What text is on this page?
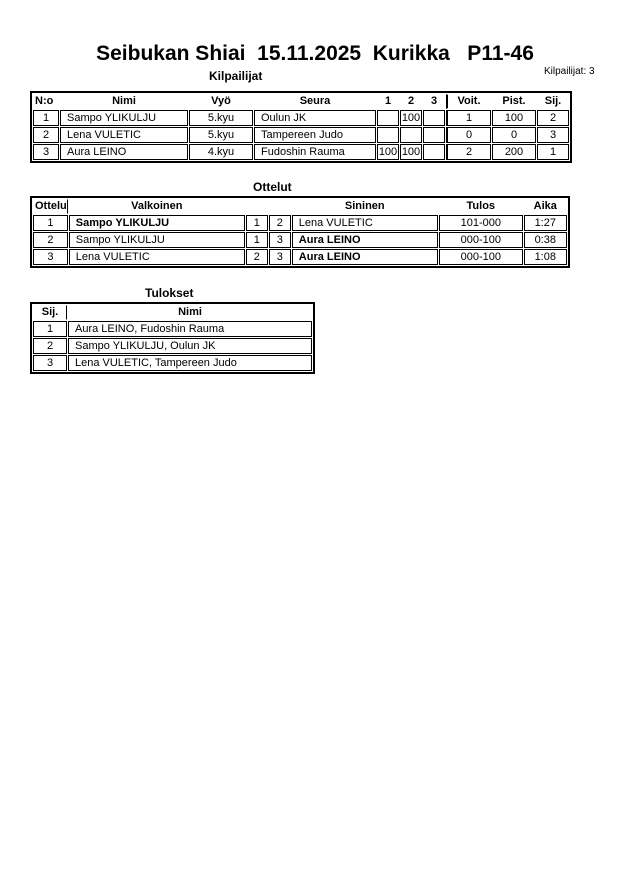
Seibukan Shiai  15.11.2025  Kurikka   P11-46
Kilpailijat: 3
Kilpailijat
N:o	Nimi	Vyö	Seura	1	2	3	Voit.	Pist.	Sij.
1	Sampo YLIKULJU	5.kyu	Oulun JK		100		1	100	2
2	Lena VULETIC	5.kyu	Tampereen Judo				0	0	3
3	Aura LEINO	4.kyu	Fudoshin Rauma	100	100		2	200	1
Ottelut
Ottelu	Valkoinen			Sininen	Tulos	Aika
1	Sampo YLIKULJU	1	2	Lena VULETIC	101-000	1:27
2	Sampo YLIKULJU	1	3	Aura LEINO	000-100	0:38
3	Lena VULETIC	2	3	Aura LEINO	000-100	1:08
Tulokset
Sij.	Nimi
1	Aura LEINO, Fudoshin Rauma
2	Sampo YLIKULJU, Oulun JK
3	Lena VULETIC, Tampereen Judo
